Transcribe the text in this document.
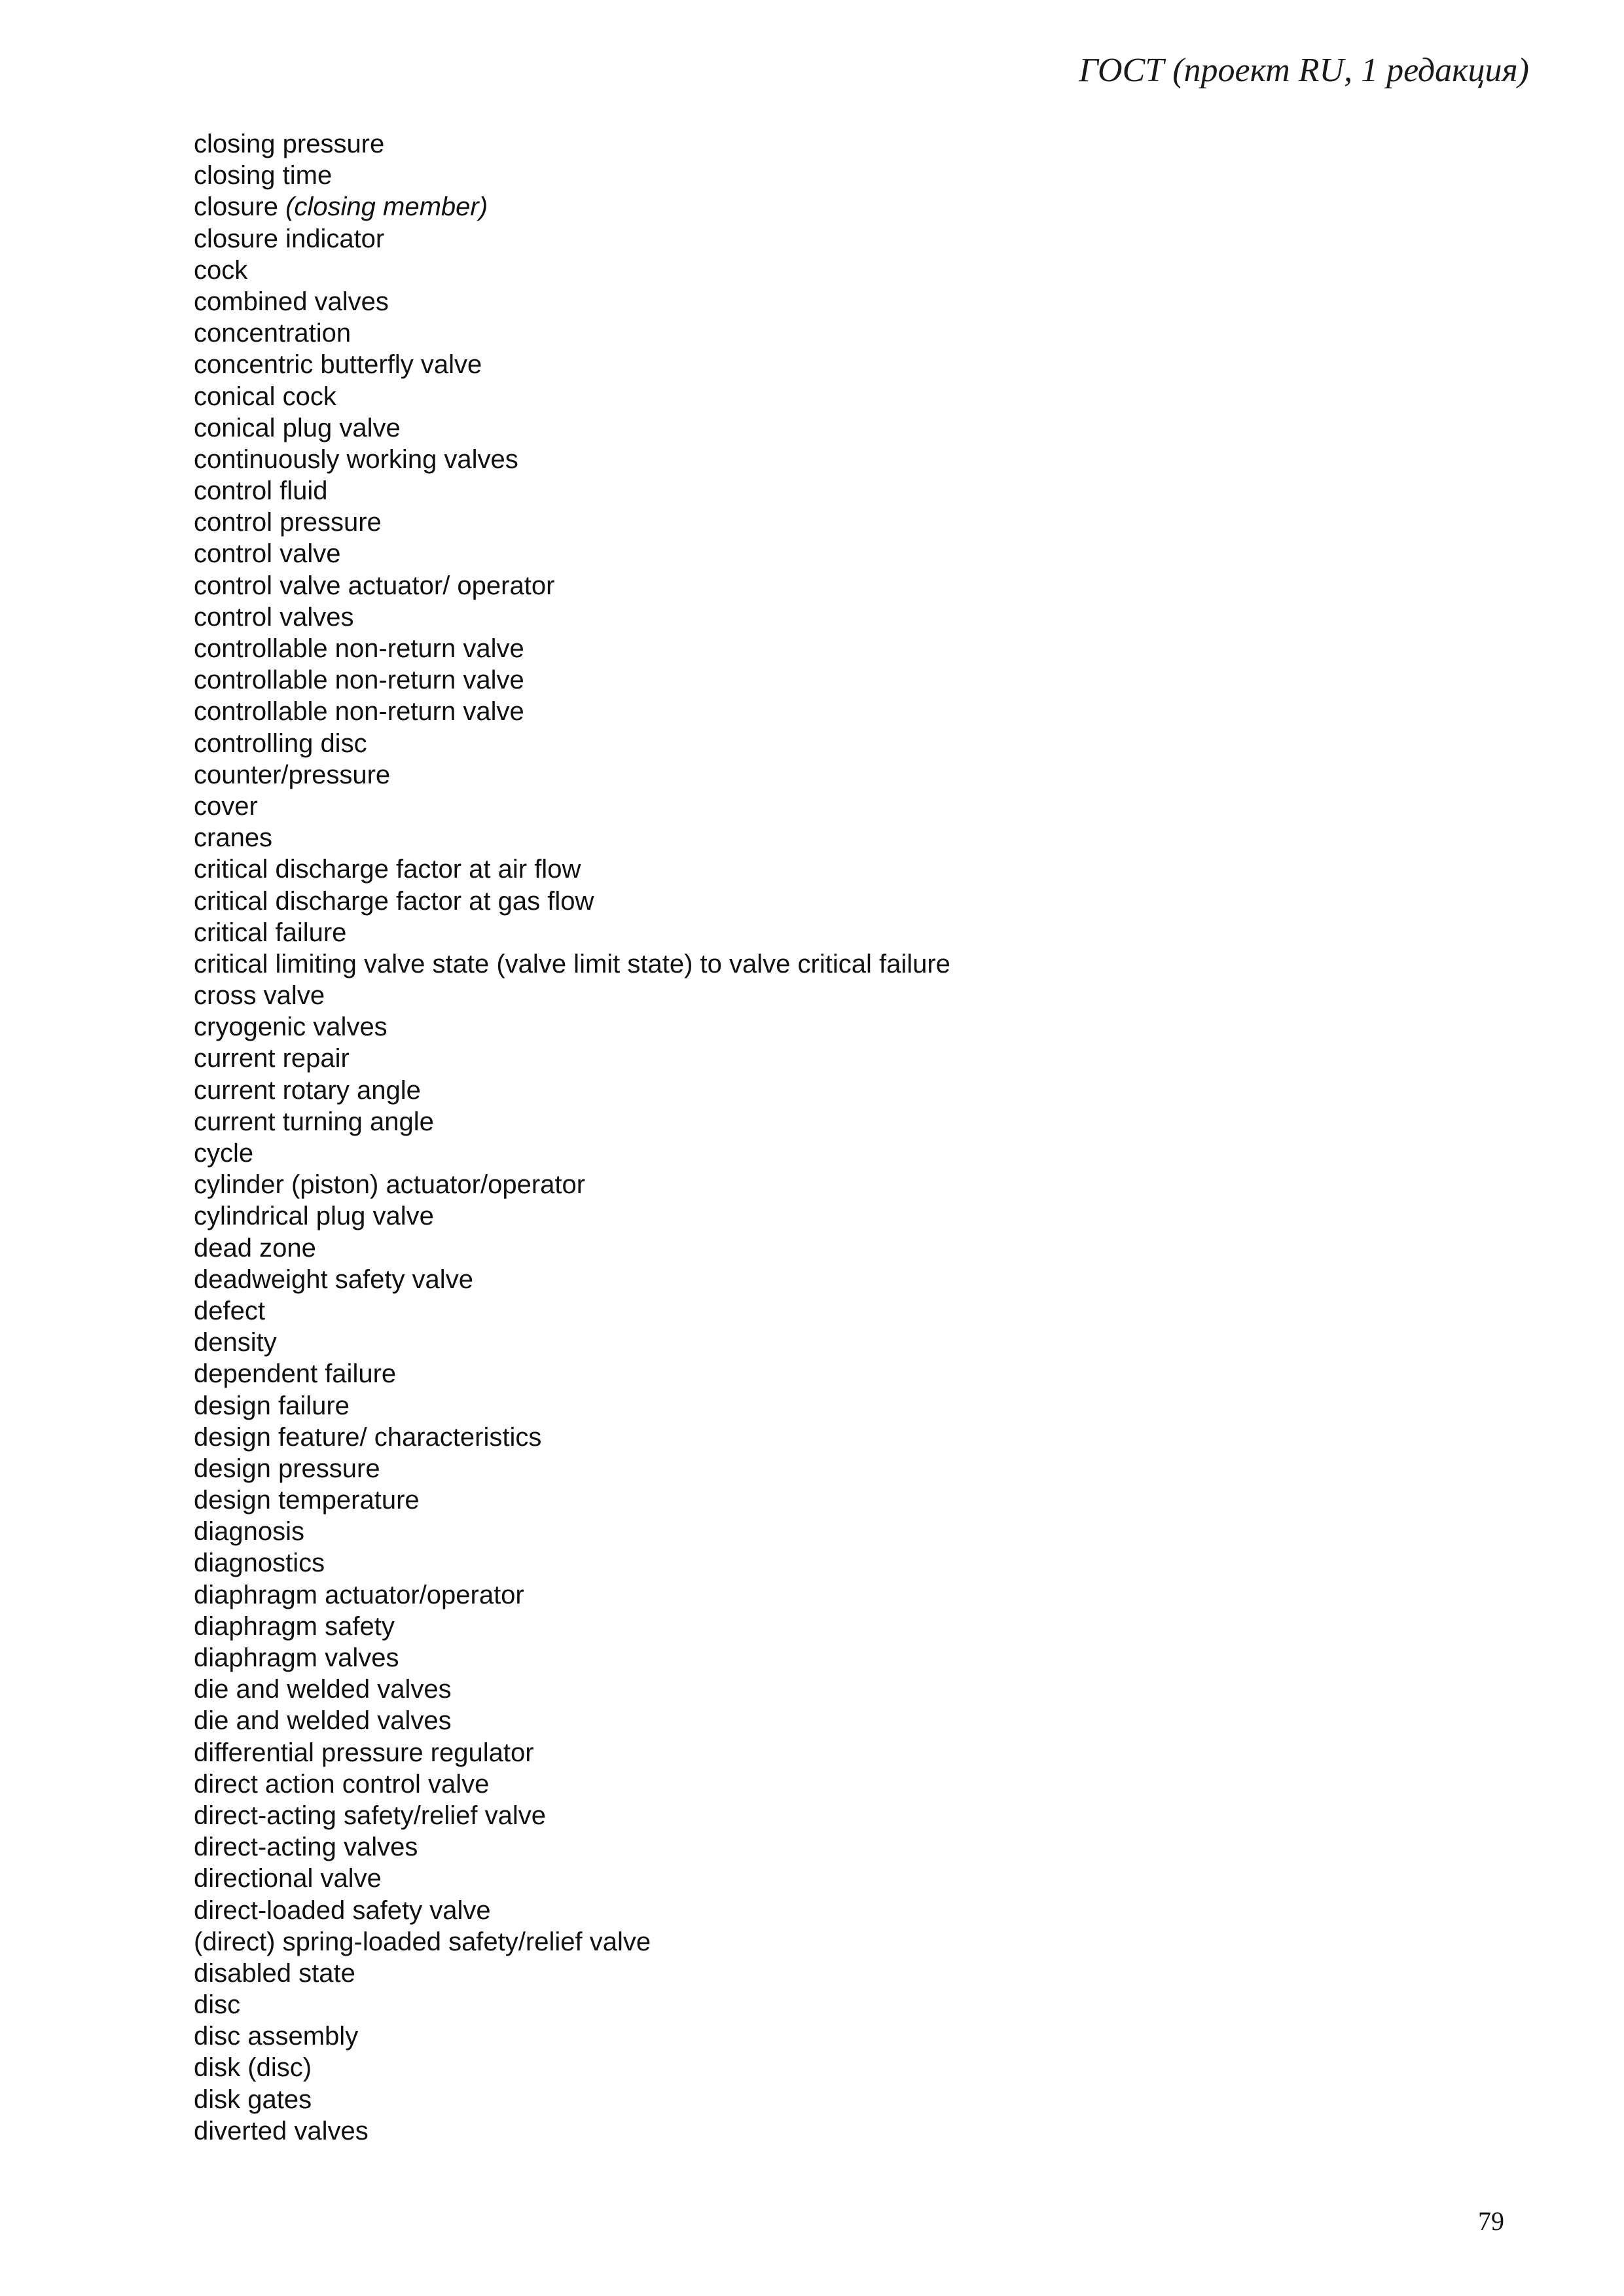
ГОСТ (проект RU, 1 редакция)
closing pressure
closing time
closure (closing member)
closure indicator
cock
combined valves
concentration
concentric butterfly valve
conical cock
conical plug valve
continuously working valves
control fluid
control pressure
control valve
control valve actuator/ operator
control valves
controllable non-return valve
controllable non-return valve
controllable non-return valve
controlling disc
counter/pressure
cover
cranes
critical discharge factor at air flow
critical discharge factor at gas flow
critical failure
critical limiting valve state (valve limit state) to valve critical failure
cross valve
cryogenic valves
current repair
current rotary angle
current turning angle
cycle
cylinder (piston) actuator/operator
cylindrical plug valve
dead zone
deadweight safety valve
defect
density
dependent failure
design failure
design feature/ characteristics
design pressure
design temperature
diagnosis
diagnostics
diaphragm actuator/operator
diaphragm safety
diaphragm valves
die and welded valves
die and welded valves
differential pressure regulator
direct action control valve
direct-acting safety/relief valve
direct-acting valves
directional valve
direct-loaded safety valve
(direct) spring-loaded safety/relief valve
disabled state
disc
disc assembly
disk (disc)
disk gates
diverted valves
79
